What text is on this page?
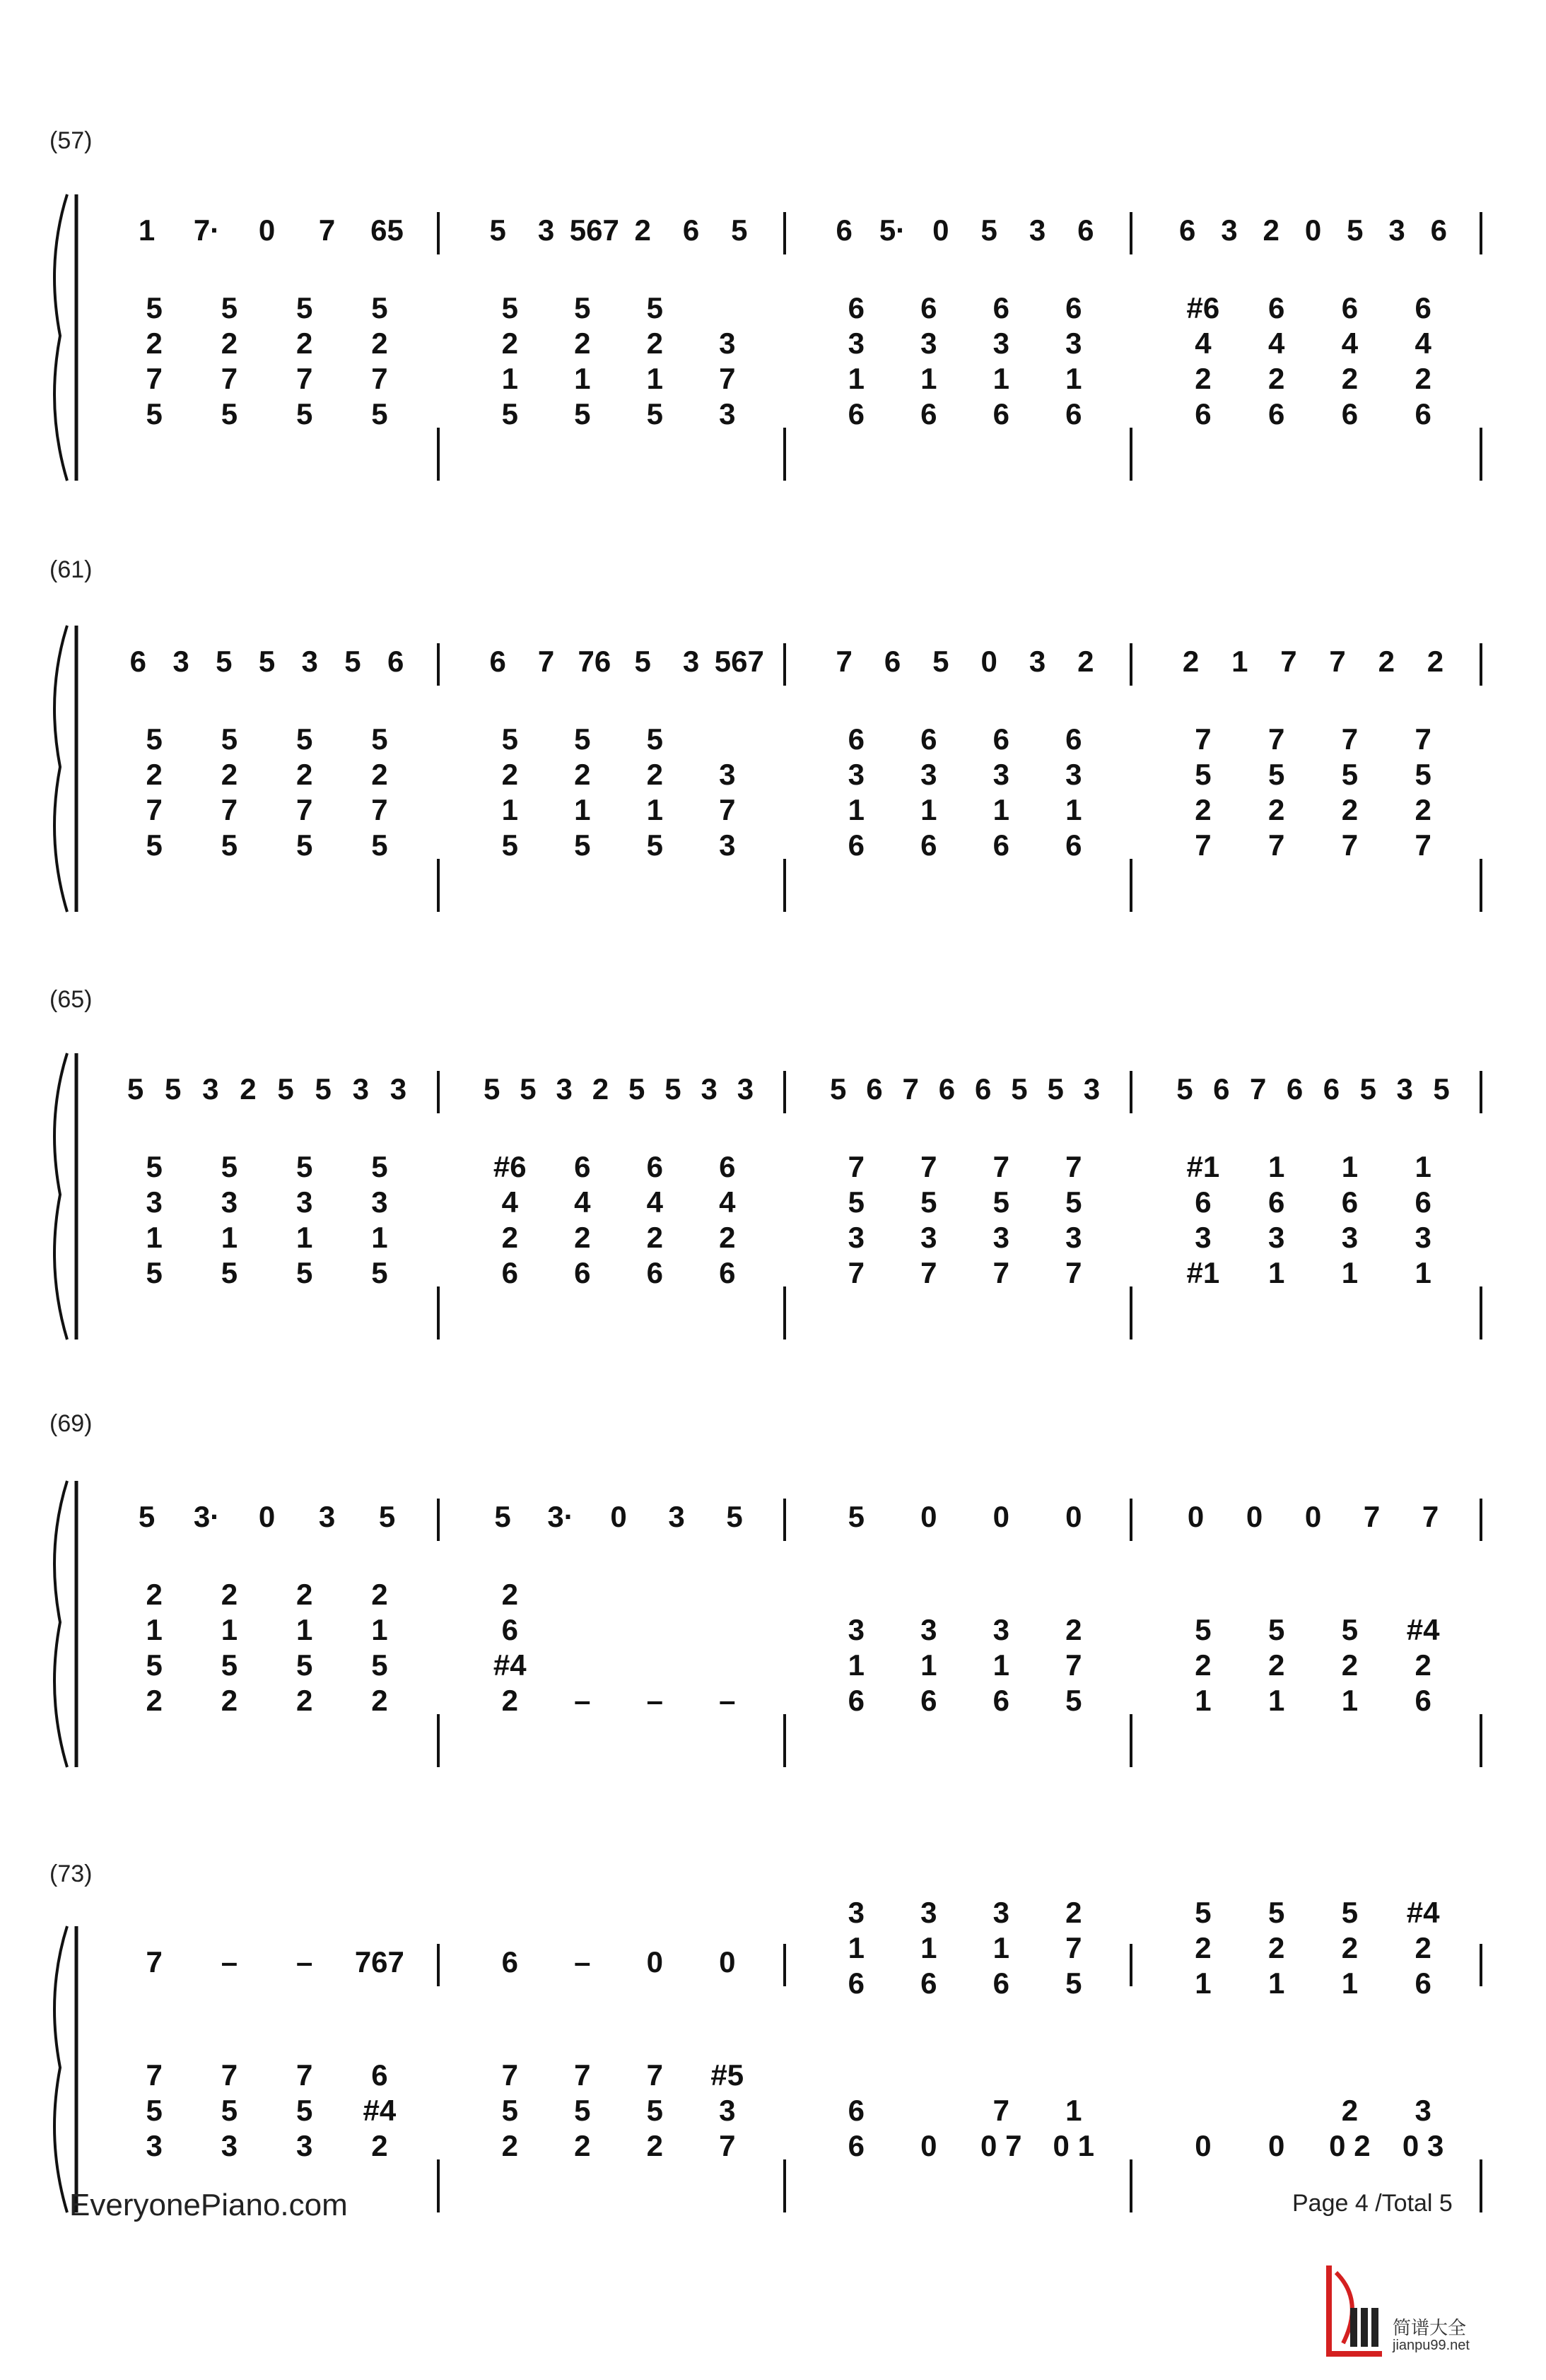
1 7· 0 7 65
5
2
7
5
5
2
7
5
5
2
7
5
5
2
7
5
5 3 567 2 6 5
5
2
1
5
5
2
1
5
5
2
1
5
3
7
3
6 5· 0 5 3 6
6
3
1
6
6
3
1
6
6
3
1
6
6
3
1
6
6 3 2 0 5 3 6
#6
4
2
6
6
4
2
6
6
4
2
6
6
4
2
6
6 3 5 5 3 5 6
5
2
7
5
5
2
7
5
5
2
7
5
5
2
7
5
6 7 76 5 3 567
5
2
1
5
5
2
1
5
5
2
1
5
3
7
3
7 6 5 0 3 2
6
3
1
6
6
3
1
6
6
3
1
6
6
3
1
6
2 1 7 7 2 2
7
5
2
7
7
5
2
7
7
5
2
7
7
5
2
7
5 5 3 2 5 5 3 3
5
3
1
5
5
3
1
5
5
3
1
5
5
3
1
5
5 5 3 2 5 5 3 3
#6
4
2
6
6
4
2
6
6
4
2
6
6
4
2
6
5 6 7 6 6 5 5 3
7
5
3
7
7
5
3
7
7
5
3
7
7
5
3
7
5 6 7 6 6 5 3 5
#1
6
3
#1
1
6
3
1
1
6
3
1
1
6
3
1
5 3· 0 3 5
2
1
5
2
2
1
5
2
2
1
5
2
2
1
5
2
5 3· 0 3 5
2
6
#4
2 – – –
5 0 0 0
3
1
6
3
1
6
3
1
6
2
7
5
0 0 0 7 7
5
2
1
5
2
1
5
2
1
#4
2
6
7 – – 767
7
5
3
7
5
3
7
5
3
6
#4
2
6 – 0 0
7
5
2
7
5
2
7
5
2
#5
3
7
3
1
6
3
1
6
3
1
6
2
7
5
6
6 0
7
0 7
1
0 1
5
2
1
5
2
1
5
2
1
#4
2
6
0 0
2
0 2
3
0 3
(57)
(61)
(65)
(69)
(73)
EveryonePiano.com	Page 4 /Total 5
简谱大全
jianpu99.net
